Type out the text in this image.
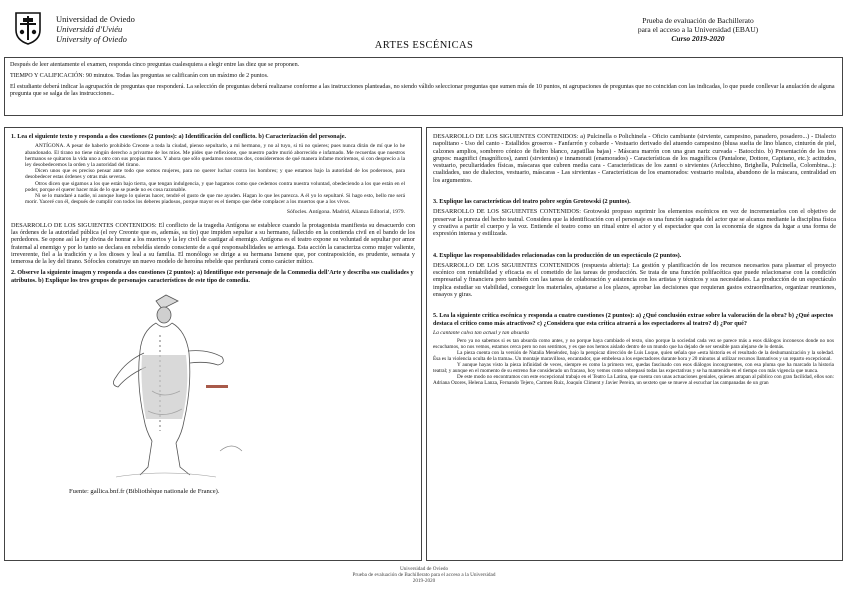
Universidad de Oviedo
Universidá d'Uviéu
University of Oviedo
ARTES ESCÉNICAS
Prueba de evaluación de Bachillerato
para el acceso a la Universidad (EBAU)
Curso 2019-2020

Después de leer atentamente el examen, responda cinco preguntas cualesquiera a elegir entre las diez que se proponen.

TIEMPO Y CALIFICACIÓN: 90 minutos. Todas las preguntas se calificarán con un máximo de 2 puntos.

El estudiante deberá indicar la agrupación de preguntas que responderá. La selección de preguntas deberá realizarse conforme a las instrucciones planteadas, no siendo válido seleccionar preguntas que sumen más de 10 puntos, ni agrupaciones de preguntas que no coincidan con las indicadas, lo que puede conllevar la anulación de alguna pregunta que se salga de las instrucciones..

1. Lea el siguiente texto y responda a dos cuestiones (2 puntos): a) Identificación del conflicto. b) Caracterización del personaje.

ANTÍGONA. A pesar de haberlo prohibido Creonte a toda la ciudad, pienso sepultarlo, a mi hermano, y no al tuyo, si tú no quieres; pues nunca dirán de mí que lo he abandonado. El tirano no tiene ningún derecho a privarme de los míos. Me pides que reflexione, que nuestro padre murió aborrecido e infamado. Me recuerdas que nuestros hermanos se quitaron la vida uno a otro con sus propias manos. Y ahora que sólo quedamos nosotras dos, consideremos de qué manera infame moriremos, si con desprecio a la ley desobedecemos la orden y la autoridad del tirano.

Dicen unos que es preciso pensar ante todo que somos mujeres, para no querer luchar contra los hombres; y que estamos bajo la autoridad de los poderosos, para desobedecer estas órdenes y otras más severas.

Otros dicen que sigamos a los que están bajo tierra, que tengan indulgencia, y que hagamos como que cedemos contra nuestra voluntad, obedeciendo a los que están en el poder, porque el querer hacer más de lo que se puede no es cosa razonable.

Ni se lo mandaré a nadie, ni aunque luego lo quieras hacer, tendré el gusto de que me ayuden. Hagan lo que les parezca. A él yo lo sepultaré. Si hago esto, bello me será morir. Yaceré con él, después de cumplir con todos los deberes piadosos, porque mayor es el tiempo que debe complacer a los muertos que a los vivos.

Sófocles. Antígona. Madrid, Alianza Editorial, 1979.
DESARROLLO DE LOS SIGUIENTES CONTENIDOS: El conflicto de la tragedia Antígona se establece cuando la protagonista manifiesta su desacuerdo con las órdenes de la autoridad pública (el rey Creonte que es, además, su tío) que impiden sepultar a su hermano, fallecido en la contienda civil en el bando de los perdedores. Se opone así la ley divina de honrar a los muertos y la ley civil de castigar al enemigo. Antígona es el teatro expone su voluntad de sepultar por amor fraternal al enemigo y por lo tanto se declara en rebeldía siendo consciente de a qué responsabilidades se arriesga. Esta acción la caracteriza como mujer valiente, irreverente, fiel a la tradición y a los dioses y leal a su familia. El monólogo se dirige a su hermana Ismene que, por contraposición, es prudente, sensata y temerosa de la ley del tirano. Sófocles construye un nuevo modelo de heroína rebelde que perdurará como carácter mítico.
2. Observe la siguiente imagen y responda a dos cuestiones (2 puntos): a) Identifique este personaje de la Commedia dell'Arte y describa sus cualidades y atributos. b) Explique los tres grupos de personajes característicos de este tipo de comedia.
Fuente: gallica.bnf.fr (Bibliothèque nationale de France).
DESARROLLO DE LOS SIGUIENTES CONTENIDOS: a) Pulcinella o Polichinela - Oficio cambiante (sirviente, campesino, panadero, posadero...) - Dialecto napolitano - Uso del canto - Estallidos groseros - Fanfarrón y cobarde - Vestuario derivado del atuendo campesino (blusa suelta de lino blanco, cinturón de piel, calzones amplios, sombrero cónico de fieltro blanco, zapatillas bajas) - Máscara marrón con una gran nariz curvada - Batocchio. b) Presentación de los tres grupos: magnifici (magníficos), zanni (sirvientes) e innamorati (enamorados) - Características de los magníficos (Pantalone, Dottore, Capitano, etc.): actitudes, vestuario, peculiaridades físicas, máscaras que cubren media cara - Características de los zanni o sirvientes (Arlecchino, Brighella, Pulcinella, Colombina...): cualidades, uso de dialectos, vestuario, máscaras - Las sirvientas - Características de los enamorados: vestuario realista, abandono de la máscara, centralidad en los argumentos.
3. Explique las características del teatro pobre según Grotowski (2 puntos).
DESARROLLO DE LOS SIGUIENTES CONTENIDOS: Grotowski propuso suprimir los elementos escénicos en vez de incrementarlos con el objetivo de preservar la pureza del hecho teatral. Considera que la identificación con el personaje es una función sagrada del actor que se alcanza mediante la disciplina física y creativa a partir el cuerpo y la voz. Entiende el teatro como un ritual entre el actor y el espectador que con la economía de signos da lugar a una forma de expresión intensa y estilizada.
4. Explique las responsabilidades relacionadas con la producción de un espectáculo (2 puntos).
DESARROLLO DE LOS SIGUIENTES CONTENIDOS (respuesta abierta): La gestión y planificación de los recursos necesarios para plasmar el proyecto escénico con rentabilidad y eficacia es el cometido de las tareas de producción. Se trata de una función polifacética que puede relacionarse con la condición empresarial y financiera pero también con las tareas de colaboración y asistencia con los artistas y técnicos y sus necesidades. La producción de un espectáculo implica estudiar su viabilidad, conseguir los materiales, ajustarse a los plazos, aprobar las decisiones que requieran gastos extraordinarios, organizar reuniones, ensayos y giras.
5. Lea la siguiente crítica escénica y responda a cuatro cuestiones (2 puntos): a) ¿Qué conclusión extrae sobre la valoración de la obra? b) ¿Qué aspectos destaca el crítico como más atractivos? c) ¿Considera que esta crítica atraerá a los espectadores al teatro? d) ¿Por qué?
La cantante calva tan actual y tan absurda

Pero ya no sabemos si es tan absurda como antes, y no porque haya cambiado el texto, sino porque la sociedad cada vez se parece más a esos diálogos inconexos donde no nos escuchamos, no nos vemos, estamos cerca pero no nos sentimos, y es que nos hemos aislado dentro de un mundo que ha dejado de ser sensible para alejarse de lo demás.

La pieza cuenta con la versión de Natalia Menéndez, bajo la perspicaz dirección de Luis Luque, quien señala que «esta historia es el resultado de la deshumanización y la soledad. Ésa es la violencia oculta de la trama». Un montaje maravilloso, encantador, que embelesa a los espectadores durante hora y 20 minutos al utilizar recursos llamativos y un reparto excepcional.

Y aunque hayas visto la pieza infinidad de veces, siempre es como la primera vez, quedas fascinado con esos diálogos incongruentes, con esa pluma que ha marcado la historia teatral; y aunque en el momento de su estreno fue considerado un fracaso, hoy vemos como sobrepasó todas las expectativas y se ha mantenido en el tiempo con más vigencia que nunca.

De este modo no encontramos con este excepcional trabajo en el Teatro La Latina, que cuenta con unas actuaciones geniales, quienes atrapan al público con gran facilidad, ellos son: Adriana Ozores, Helena Lanza, Fernando Tejero, Carmen Ruiz, Joaquín Climent y Javier Pereira, un sexteto que se mueve al escuchar las campanadas de un gran

Universidad de Oviedo
Prueba de evaluación de Bachillerato para el acceso a la Universidad
2019-2020
